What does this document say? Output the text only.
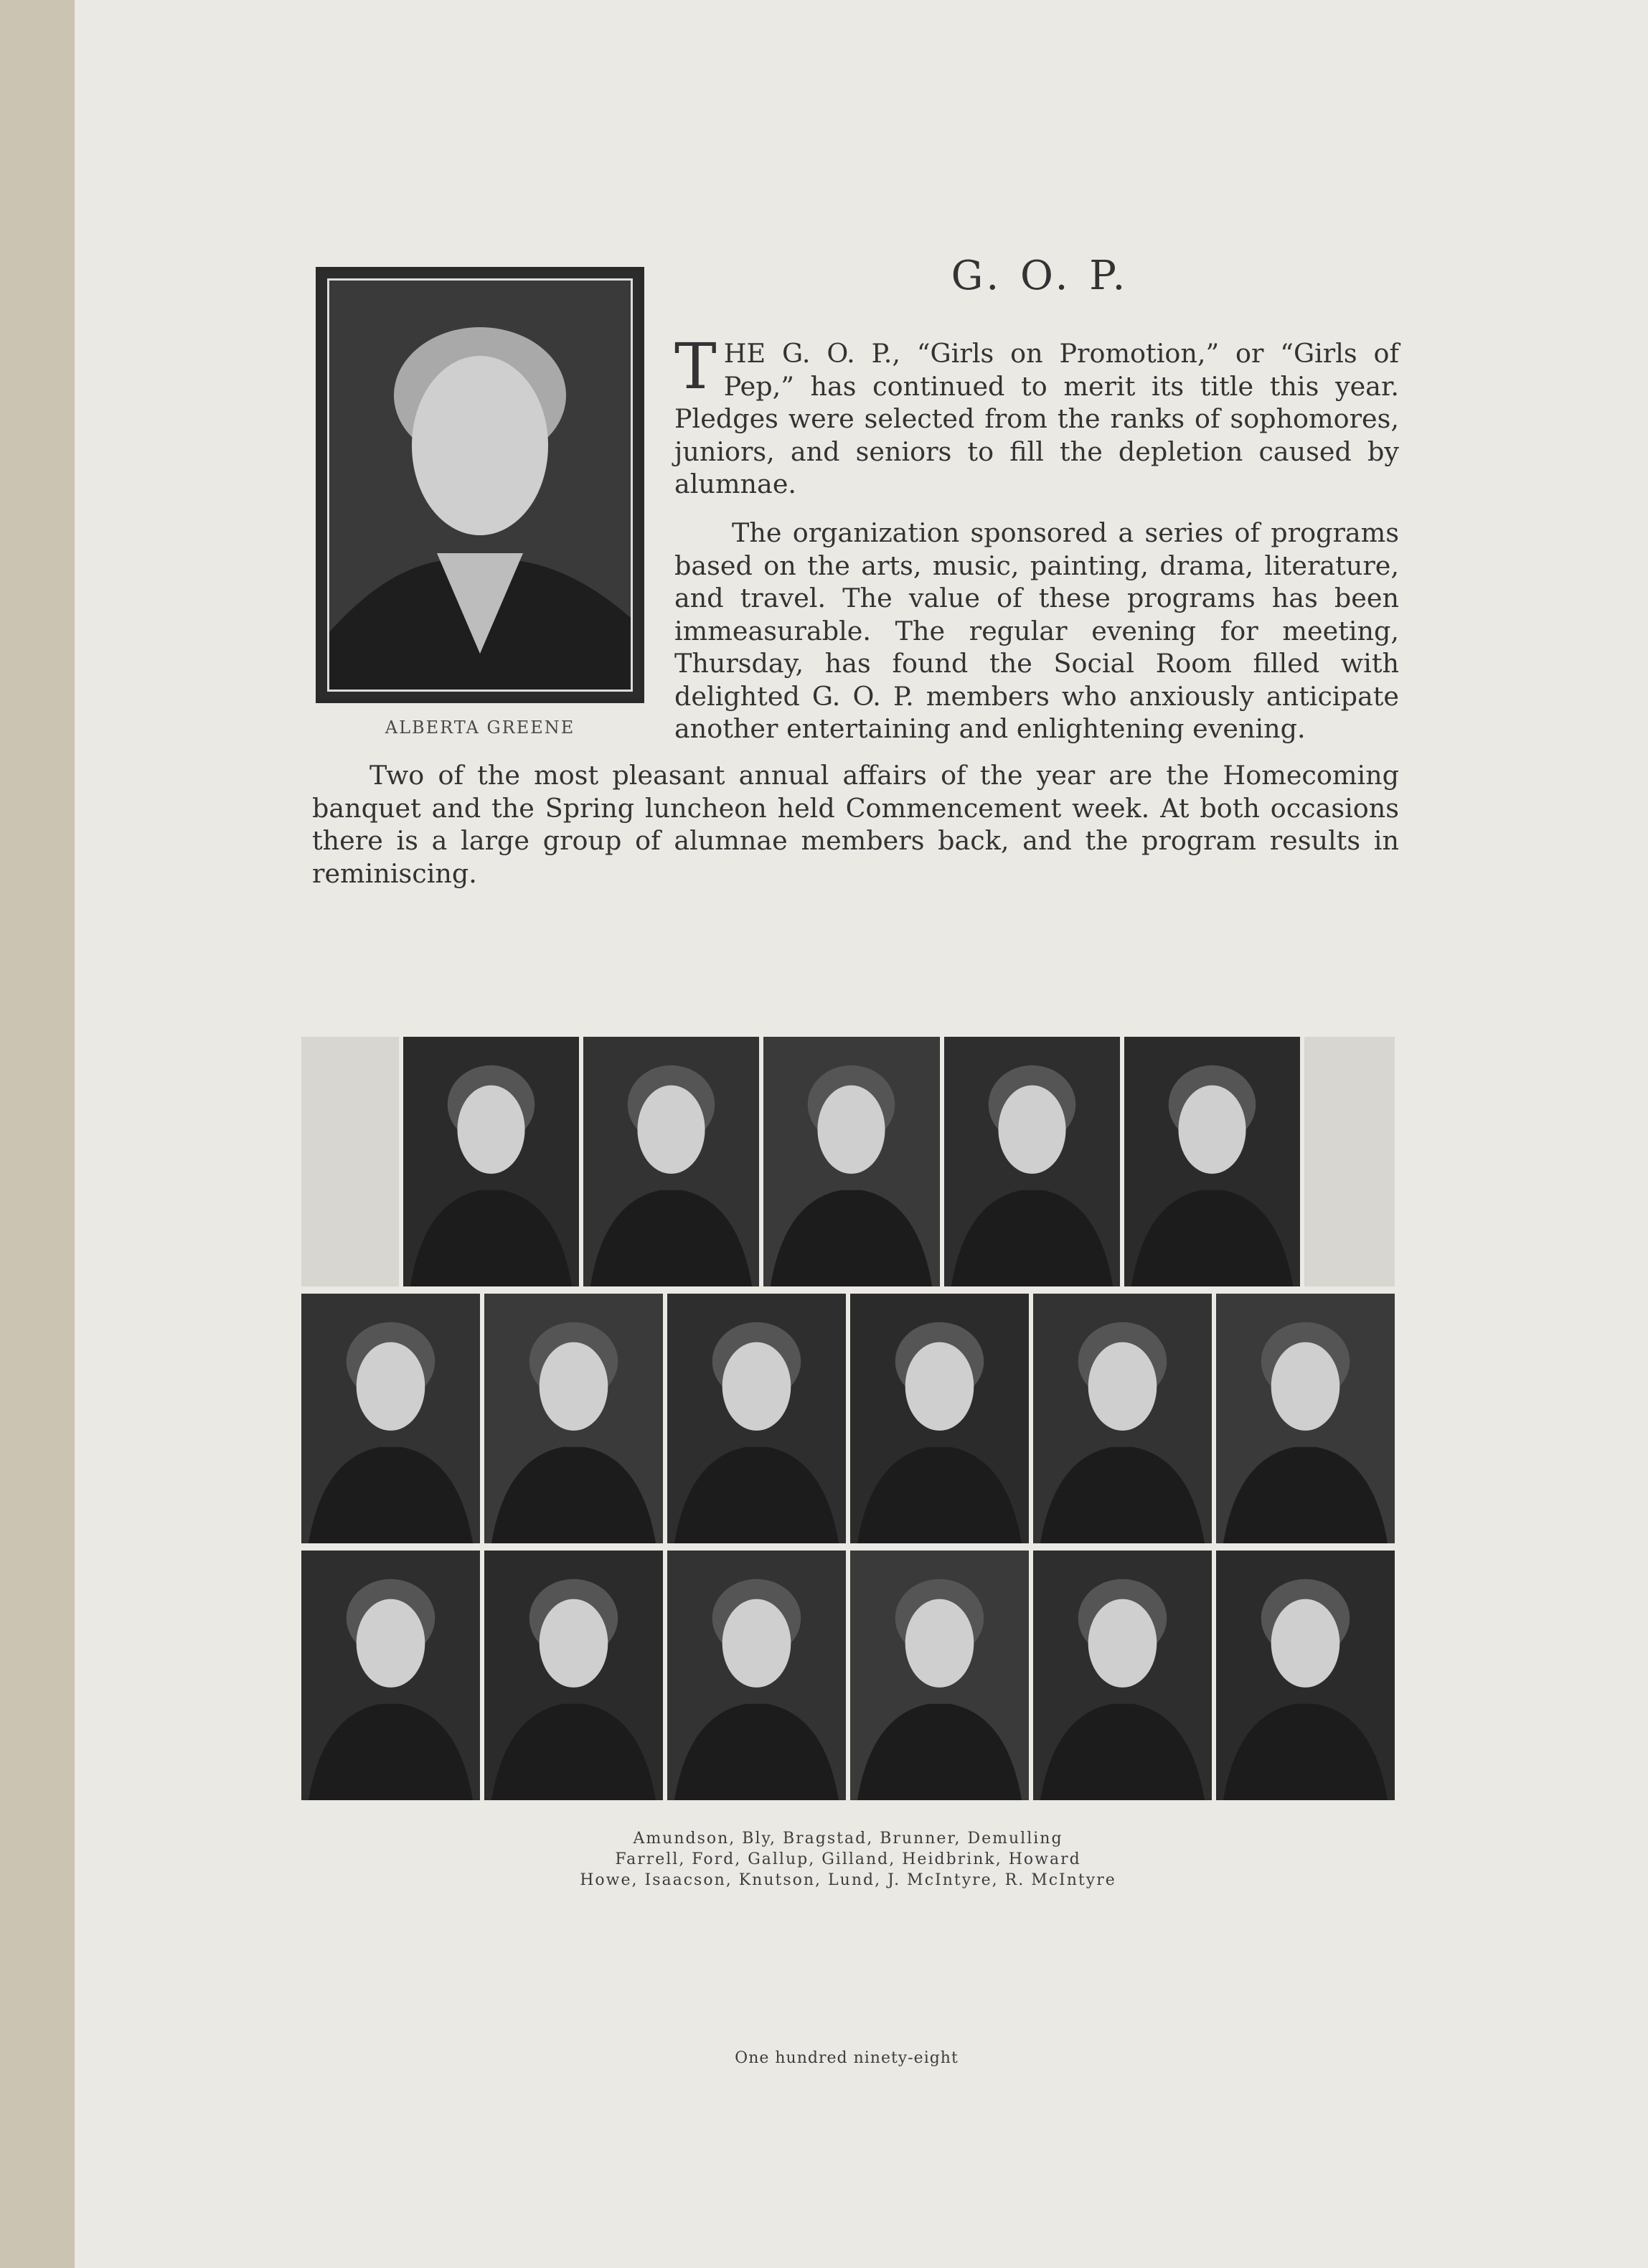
ALBERTA GREENE
G. O. P.

THE G. O. P., “Girls on Promotion,” or “Girls of Pep,” has continued to merit its title this year. Pledges were selected from the ranks of sophomores, juniors, and seniors to fill the depletion caused by alumnae.

The organization sponsored a series of programs based on the arts, music, painting, drama, literature, and travel. The value of these programs has been immeasurable. The regular evening for meeting, Thursday, has found the Social Room filled with delighted G. O. P. members who anxiously anticipate another entertaining and enlightening evening.

Two of the most pleasant annual affairs of the year are the Homecoming banquet and the Spring luncheon held Commencement week. At both occasions there is a large group of alumnae members back, and the program results in reminiscing.

Amundson, Bly, Bragstad, Brunner, Demulling
Farrell, Ford, Gallup, Gilland, Heidbrink, Howard
Howe, Isaacson, Knutson, Lund, J. McIntyre, R. McIntyre
One hundred ninety-eight
